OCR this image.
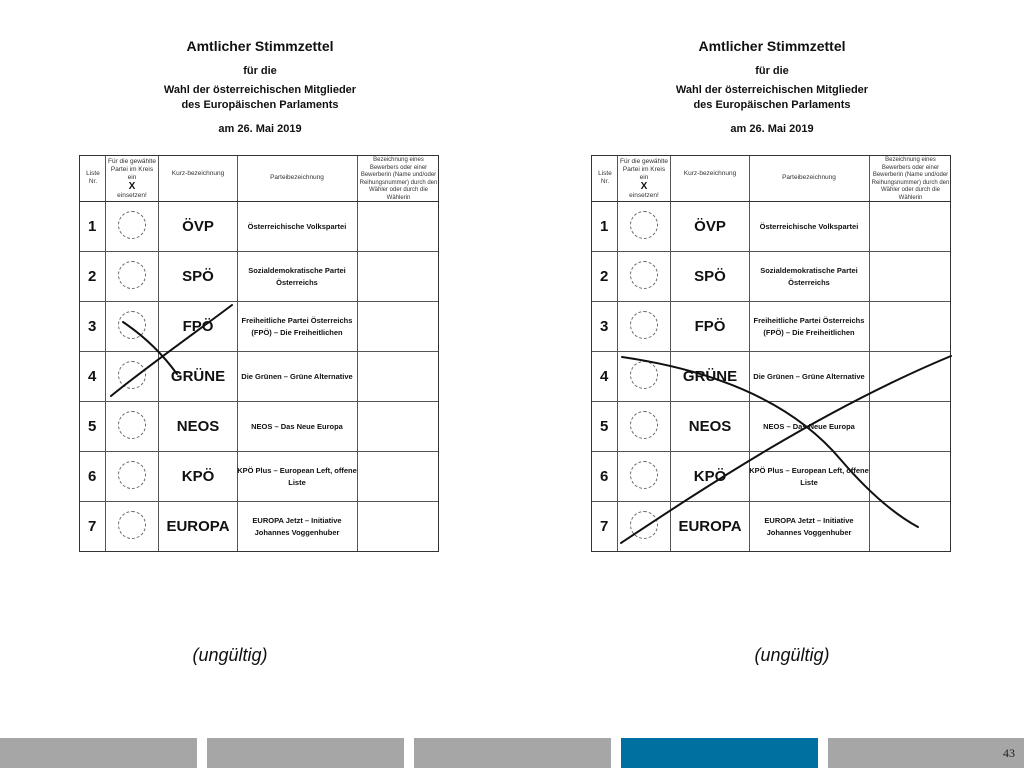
Amtlicher Stimmzettel
für die
Wahl der österreichischen Mitglieder
des Europäischen Parlaments
am 26. Mai 2019
Liste Nr.
Für die gewählte Partei im Kreis ein
X
einsetzen!
Kurz-bezeichnung
Parteibezeichnung
Bezeichnung eines Bewerbers oder einer Bewerberin (Name und/oder Reihungsnummer) durch den Wähler oder durch die Wählerin
1	ÖVP	Österreichische Volkspartei
2	SPÖ	Sozialdemokratische Partei Österreichs
3	FPÖ	Freiheitliche Partei Österreichs (FPÖ) – Die Freiheitlichen
4	GRÜNE	Die Grünen – Grüne Alternative
5	NEOS	NEOS – Das Neue Europa
6	KPÖ	KPÖ Plus – European Left, offene Liste
7	EUROPA	EUROPA Jetzt – Initiative Johannes Voggenhuber
Amtlicher Stimmzettel
für die
Wahl der österreichischen Mitglieder
des Europäischen Parlaments
am 26. Mai 2019
Liste Nr.
Für die gewählte Partei im Kreis ein
X
einsetzen!
Kurz-bezeichnung
Parteibezeichnung
Bezeichnung eines Bewerbers oder einer Bewerberin (Name und/oder Reihungsnummer) durch den Wähler oder durch die Wählerin
1	ÖVP	Österreichische Volkspartei
2	SPÖ	Sozialdemokratische Partei Österreichs
3	FPÖ	Freiheitliche Partei Österreichs (FPÖ) – Die Freiheitlichen
4	GRÜNE	Die Grünen – Grüne Alternative
5	NEOS	NEOS – Das Neue Europa
6	KPÖ	KPÖ Plus – European Left, offene Liste
7	EUROPA	EUROPA Jetzt – Initiative Johannes Voggenhuber
(ungültig)	(ungültig)
43
